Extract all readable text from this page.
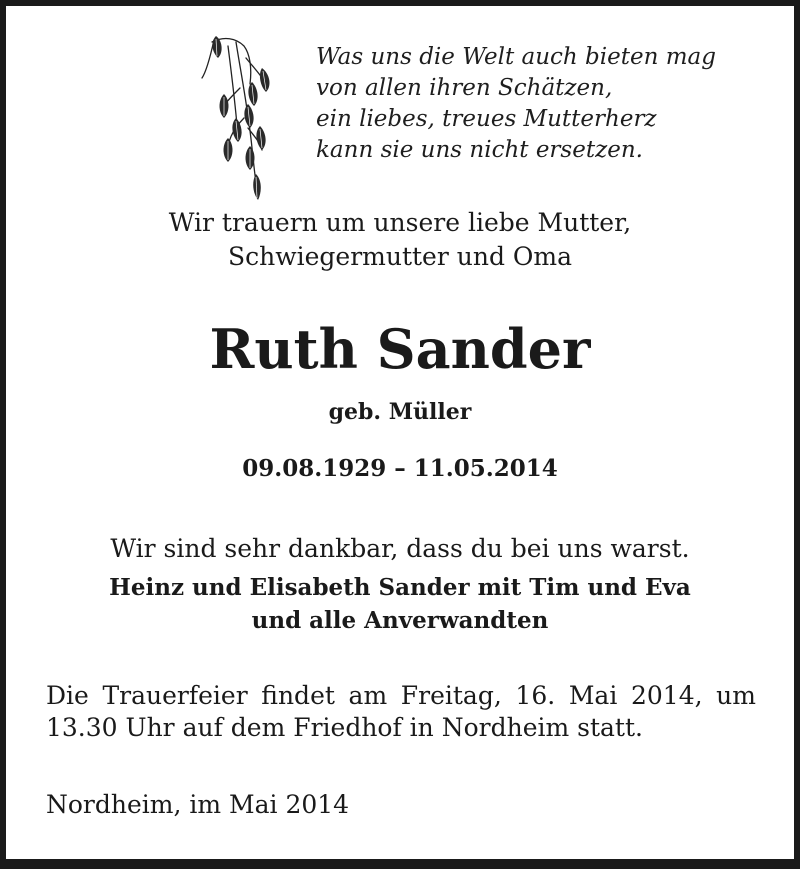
Was uns die Welt auch bieten mag
von allen ihren Schätzen,
ein liebes, treues Mutterherz
kann sie uns nicht ersetzen.
Wir trauern um unsere liebe Mutter,
Schwiegermutter und Oma
Ruth Sander
geb. Müller
09.08.1929 – 11.05.2014
Wir sind sehr dankbar, dass du bei uns warst.
Heinz und Elisabeth Sander mit Tim und Eva
und alle Anverwandten
Die Trauerfeier findet am Freitag, 16. Mai 2014, um
13.30 Uhr auf dem Friedhof in Nordheim statt.
Nordheim, im Mai 2014
